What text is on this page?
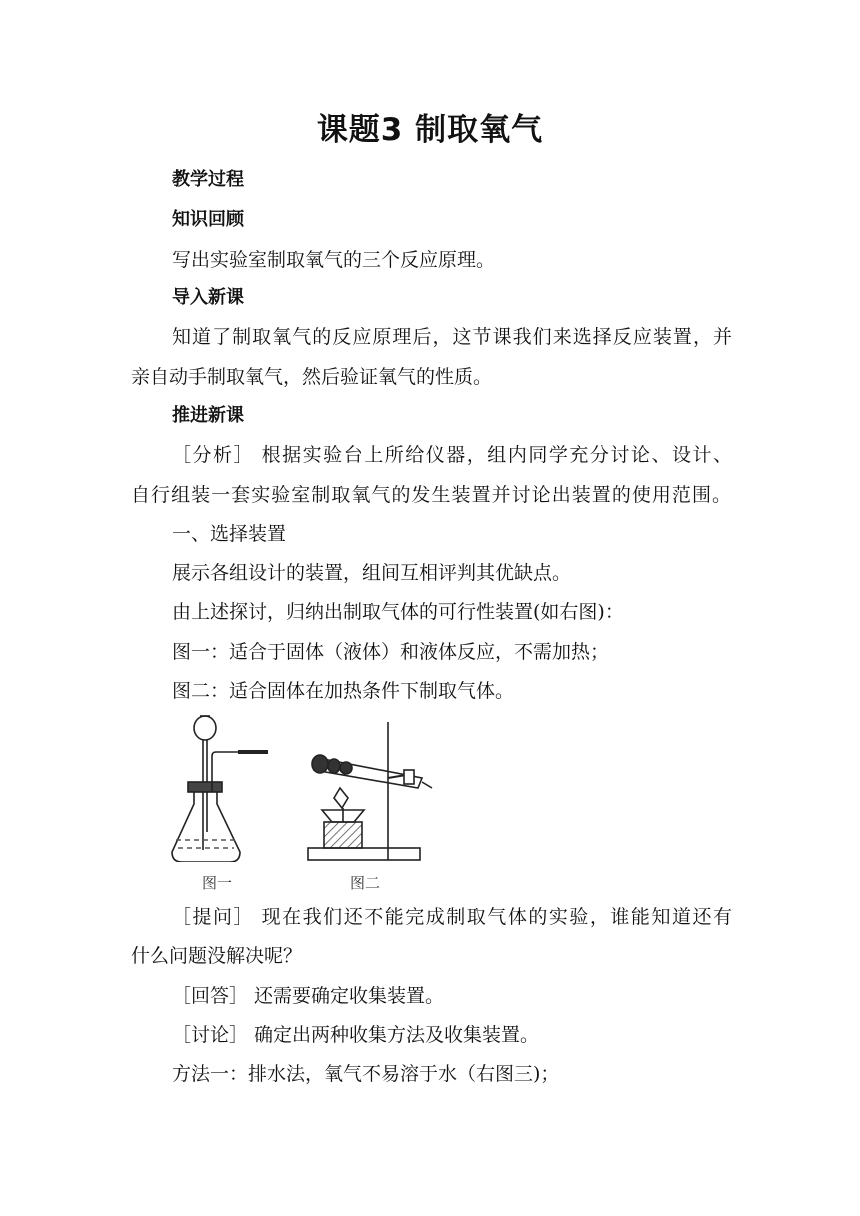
课题3 制取氧气
教学过程
知识回顾
写出实验室制取氧气的三个反应原理。
导入新课
知道了制取氧气的反应原理后，这节课我们来选择反应装置，并
亲自动手制取氧气，然后验证氧气的性质。
推进新课
［分析］ 根据实验台上所给仪器，组内同学充分讨论、设计、
自行组装一套实验室制取氧气的发生装置并讨论出装置的使用范围。
一、选择装置
展示各组设计的装置，组间互相评判其优缺点。
由上述探讨，归纳出制取气体的可行性装置(如右图)：
图一：适合于固体（液体）和液体反应，不需加热；
图二：适合固体在加热条件下制取气体。
图一	图二
［提问］ 现在我们还不能完成制取气体的实验，谁能知道还有
什么问题没解决呢？
［回答］ 还需要确定收集装置。
［讨论］ 确定出两种收集方法及收集装置。
方法一：排水法，氧气不易溶于水（右图三)；
